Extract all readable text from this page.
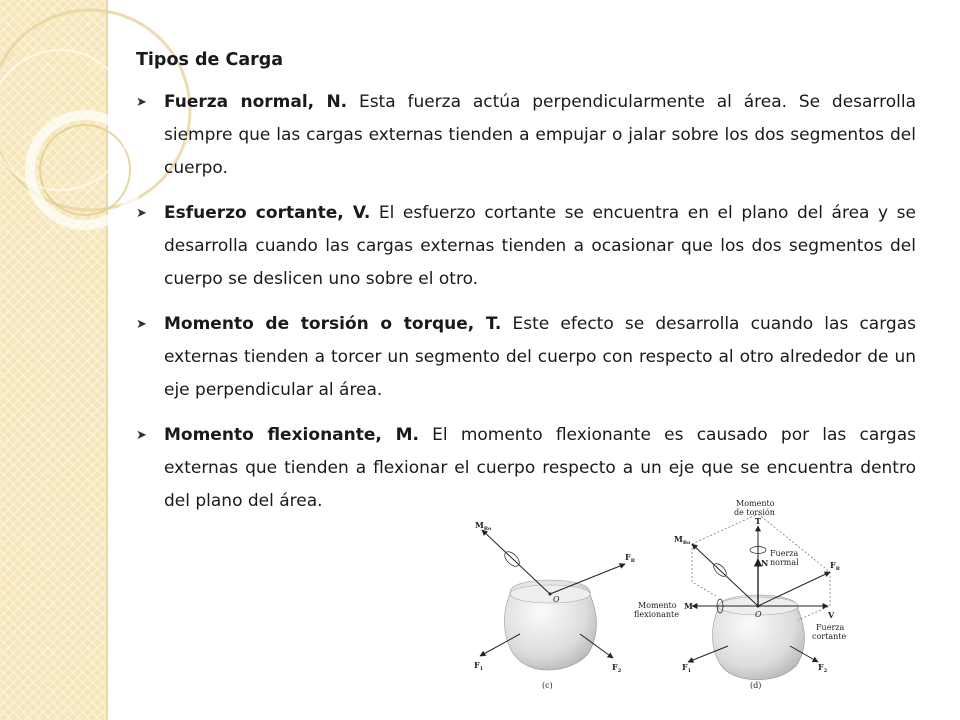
Tipos de Carga
➤ Fuerza normal, N. Esta fuerza actúa perpendicularmente al área. Se desarrolla siempre que las cargas externas tienden a empujar o jalar sobre los dos segmentos del cuerpo.
➤ Esfuerzo cortante, V. El esfuerzo cortante se encuentra en el plano del área y se desarrolla cuando las cargas externas tienden a ocasionar que los dos segmentos del cuerpo se deslicen uno sobre el otro.
➤ Momento de torsión o torque, T. Este efecto se desarrolla cuando las cargas externas tienden a torcer un segmento del cuerpo con respecto al otro alrededor de un eje perpendicular al área.
➤ Momento flexionante, M. El momento flexionante es causado por las cargas externas que tienden a flexionar el cuerpo respecto a un eje que se encuentra dentro del plano del área.
$M_{Ro}$
$F_R$
O
$F_1$	$F_2$
(c)
Momento
de torsión
T
$M_{Ro}$
N
Fuerza
normal	$F_R$
Momento
flexionante
M
O	V
Fuerza
cortante
$F_1$	$F_2$
(d)
